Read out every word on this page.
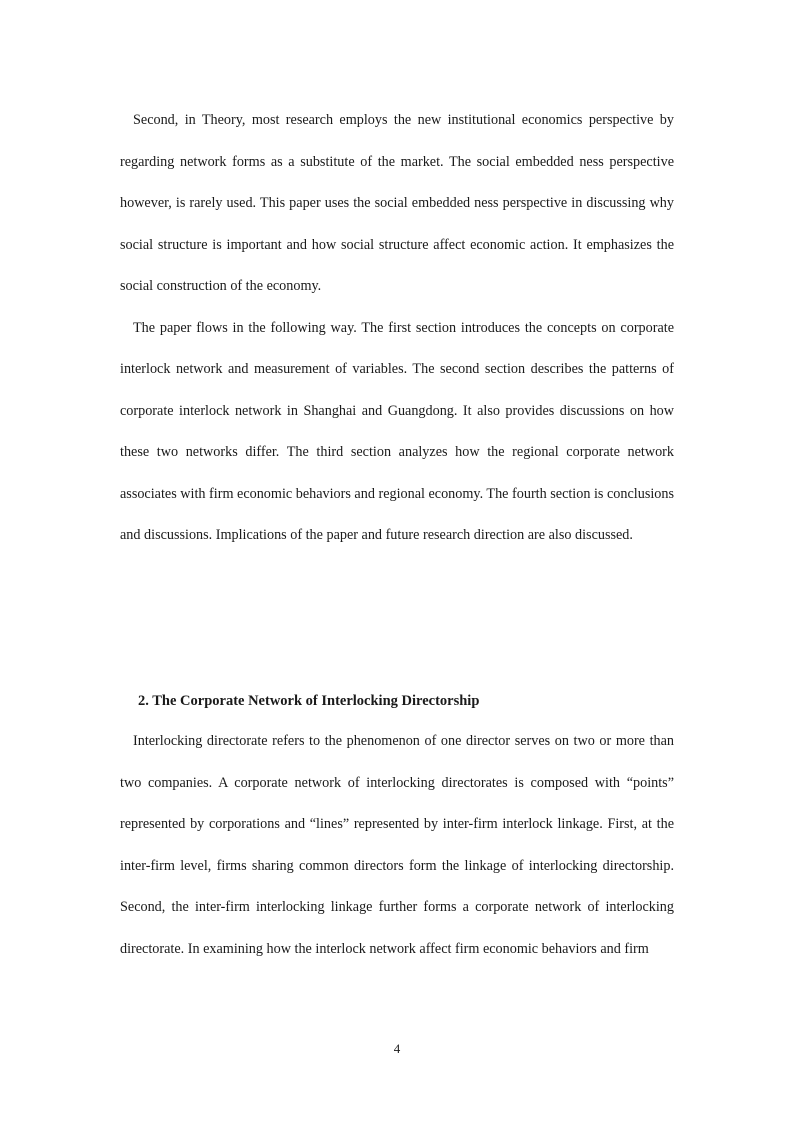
Second, in Theory, most research employs the new institutional economics perspective by regarding network forms as a substitute of the market. The social embedded ness perspective however, is rarely used. This paper uses the social embedded ness perspective in discussing why social structure is important and how social structure affect economic action. It emphasizes the social construction of the economy.

The paper flows in the following way. The first section introduces the concepts on corporate interlock network and measurement of variables. The second section describes the patterns of corporate interlock network in Shanghai and Guangdong. It also provides discussions on how these two networks differ. The third section analyzes how the regional corporate network associates with firm economic behaviors and regional economy. The fourth section is conclusions and discussions. Implications of the paper and future research direction are also discussed.

2. The Corporate Network of Interlocking Directorship

Interlocking directorate refers to the phenomenon of one director serves on two or more than two companies. A corporate network of interlocking directorates is composed with “points” represented by corporations and “lines” represented by inter-firm interlock linkage. First, at the inter-firm level, firms sharing common directors form the linkage of interlocking directorship. Second, the inter-firm interlocking linkage further forms a corporate network of interlocking directorate. In examining how the interlock network affect firm economic behaviors and firm

4
